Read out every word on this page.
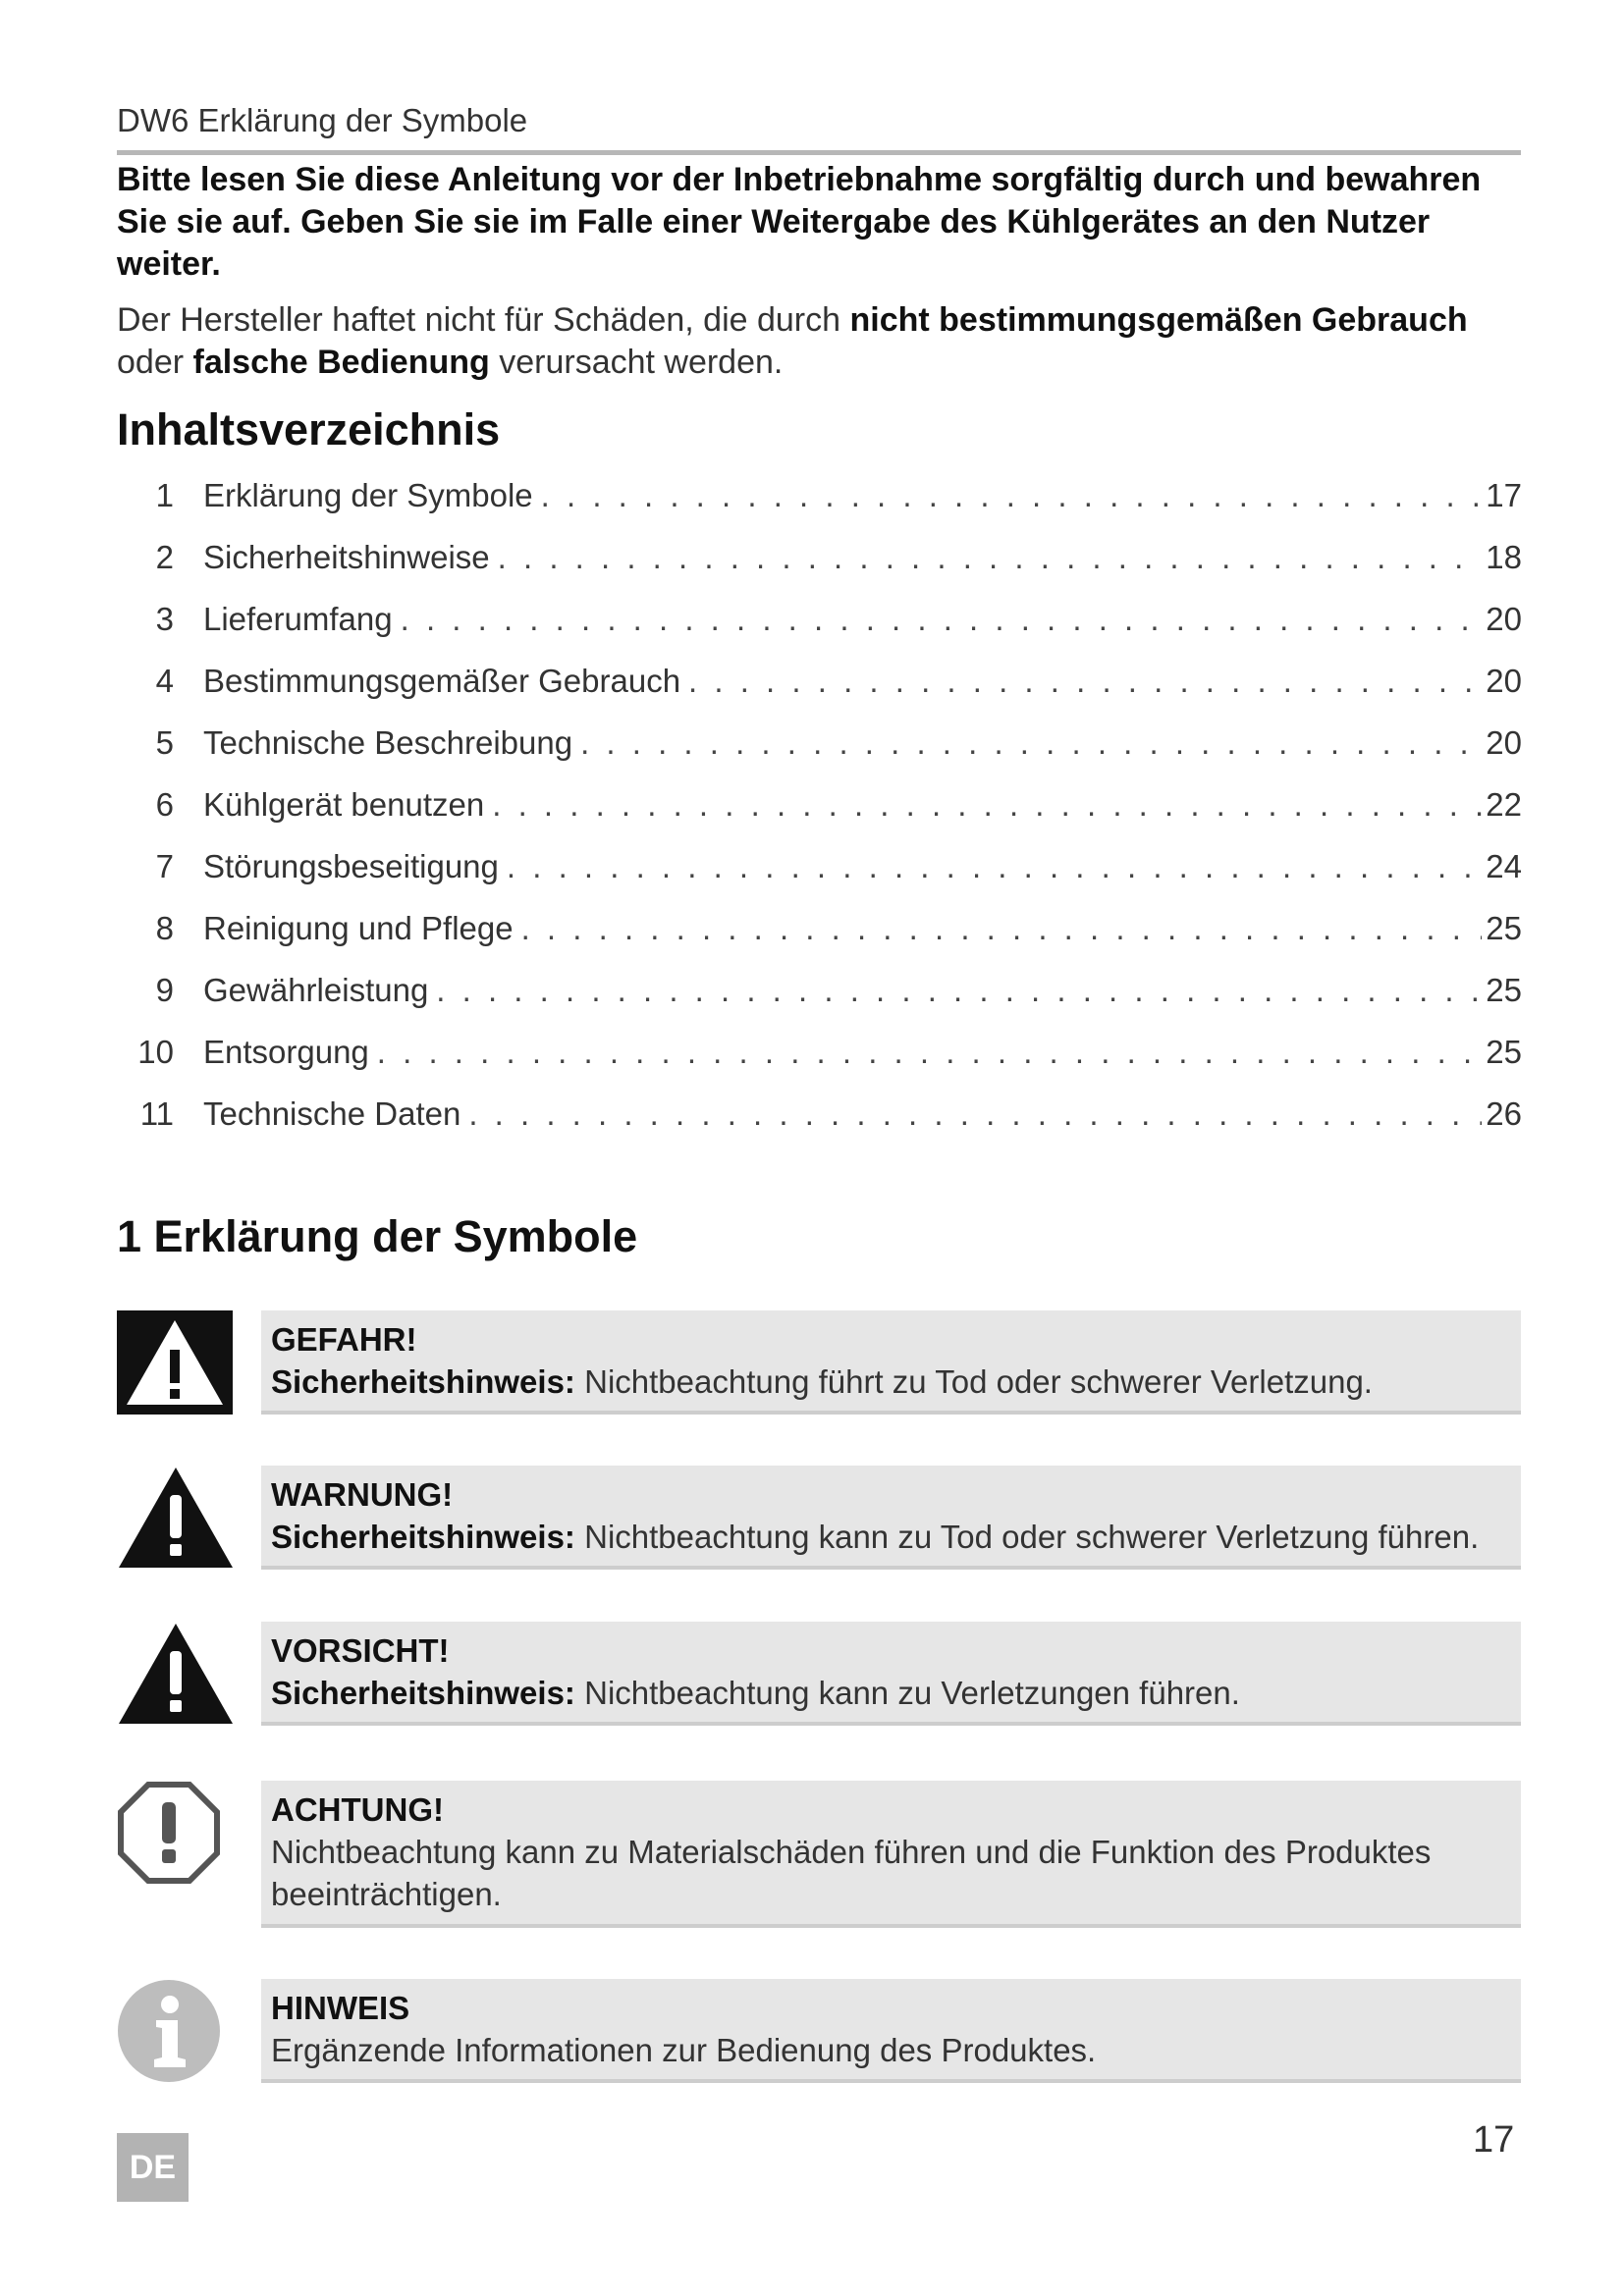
DW6 Erklärung der Symbole
Bitte lesen Sie diese Anleitung vor der Inbetriebnahme sorgfältig durch und bewahren Sie sie auf. Geben Sie sie im Falle einer Weitergabe des Kühlgerätes an den Nutzer weiter.
Der Hersteller haftet nicht für Schäden, die durch nicht bestimmungsgemäßen Gebrauch oder falsche Bedienung verursacht werden.
Inhaltsverzeichnis
1 Erklärung der Symbole . . .	17
2 Sicherheitshinweise . . .	18
3 Lieferumfang . . .	20
4 Bestimmungsgemäßer Gebrauch . . .	20
5 Technische Beschreibung . . .	20
6 Kühlgerät benutzen . . .	22
7 Störungsbeseitigung . . .	24
8 Reinigung und Pflege . . .	25
9 Gewährleistung . . .	25
10 Entsorgung . . .	25
11 Technische Daten . . .	26
1 Erklärung der Symbole
GEFAHR!
Sicherheitshinweis: Nichtbeachtung führt zu Tod oder schwerer Verletzung.
WARNUNG!
Sicherheitshinweis: Nichtbeachtung kann zu Tod oder schwerer Verletzung führen.
VORSICHT!
Sicherheitshinweis: Nichtbeachtung kann zu Verletzungen führen.
ACHTUNG!
Nichtbeachtung kann zu Materialschäden führen und die Funktion des Produktes beeinträchtigen.
HINWEIS
Ergänzende Informationen zur Bedienung des Produktes.
17
DE
